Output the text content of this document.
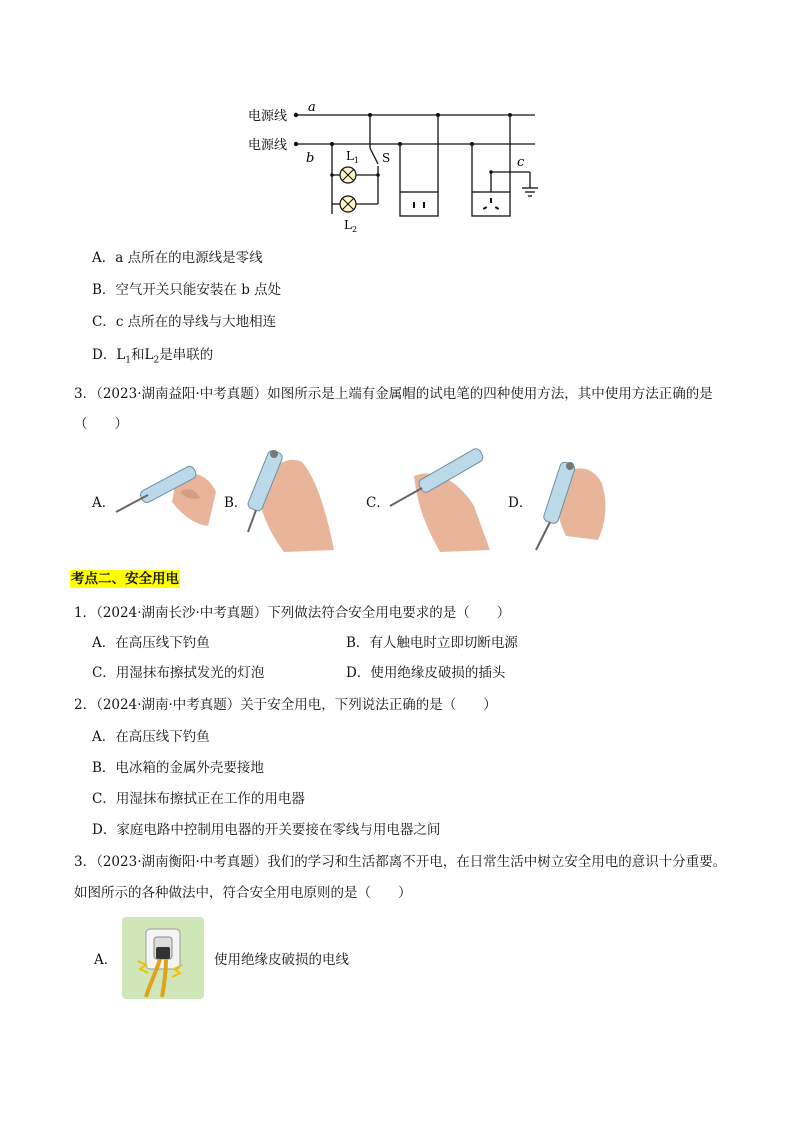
电源线
电源线
a
b	c
L 1
L 2
S
A．a 点所在的电源线是零线
B．空气开关只能安装在 b 点处
C．c 点所在的导线与大地相连
D．$L_1$和$L_2$是串联的
3．（2023·湖南益阳·中考真题）如图所示是上端有金属帽的试电笔的四种使用方法，其中使用方法正确的是
（　　）
A．	B．	C．	D．
考点二、安全用电
1．（2024·湖南长沙·中考真题）下列做法符合安全用电要求的是（　　）
A．在高压线下钓鱼	B．有人触电时立即切断电源
C．用湿抹布擦拭发光的灯泡	D．使用绝缘皮破损的插头
2．（2024·湖南·中考真题）关于安全用电，下列说法正确的是（　　）
A．在高压线下钓鱼
B．电冰箱的金属外壳要接地
C．用湿抹布擦拭正在工作的用电器
D．家庭电路中控制用电器的开关要接在零线与用电器之间
3．（2023·湖南衡阳·中考真题）我们的学习和生活都离不开电，在日常生活中树立安全用电的意识十分重要。
如图所示的各种做法中，符合安全用电原则的是（　　）
A．	使用绝缘皮破损的电线
